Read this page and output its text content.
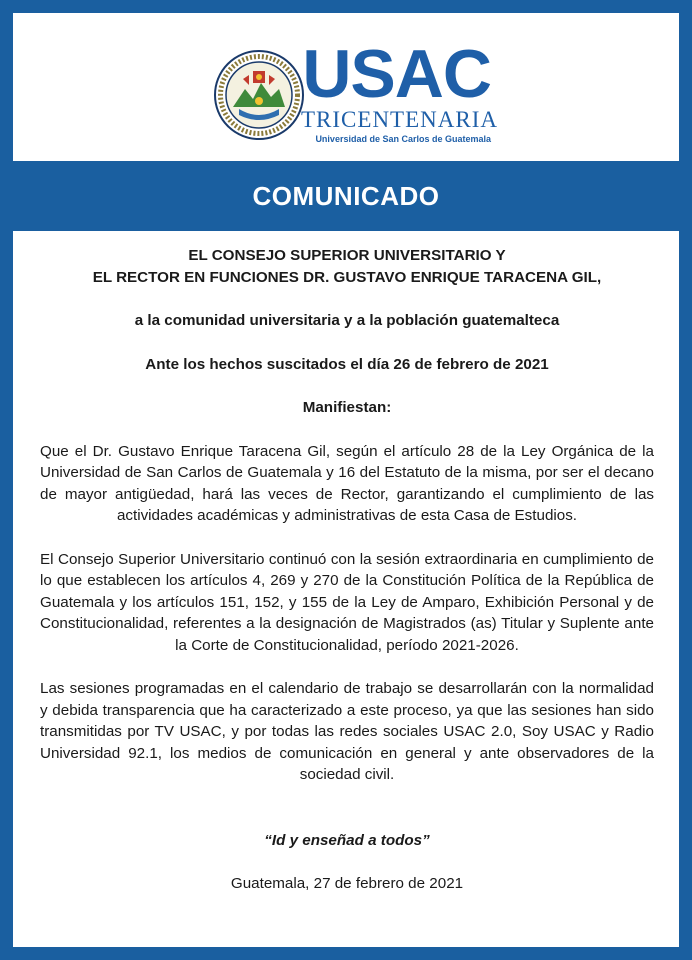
USAC
TRICENTENARIA
Universidad de San Carlos de Guatemala
COMUNICADO

EL CONSEJO SUPERIOR UNIVERSITARIO Y

EL RECTOR EN FUNCIONES DR. GUSTAVO ENRIQUE TARACENA GIL,

a la comunidad universitaria y a la población guatemalteca

Ante los hechos suscitados el día 26 de febrero de 2021

Manifiestan:

Que el Dr. Gustavo Enrique Taracena Gil, según el artículo 28 de la Ley Orgánica de la Universidad de San Carlos de Guatemala y 16 del Estatuto de la misma, por ser el decano de mayor antigüedad, hará las veces de Rector, garantizando el cumplimiento de las actividades académicas y administrativas de esta Casa de Estudios.

El Consejo Superior Universitario continuó con la sesión extraordinaria en cumplimiento de lo que establecen los artículos 4, 269 y 270 de la Constitución Política de la República de Guatemala y los artículos 151, 152, y 155 de la Ley de Amparo, Exhibición Personal y de Constitucionalidad, referentes a la designación de Magistrados (as) Titular y Suplente ante la Corte de Constitucionalidad, período 2021-2026.

Las sesiones programadas en el calendario de trabajo se desarrollarán con la normalidad y debida transparencia que ha caracterizado a este proceso, ya que las sesiones han sido transmitidas por TV USAC, y por todas las redes sociales USAC 2.0, Soy USAC y Radio Universidad 92.1, los medios de comunicación en general y ante observadores de la sociedad civil.

“Id y enseñad a todos”

Guatemala, 27 de febrero de 2021
